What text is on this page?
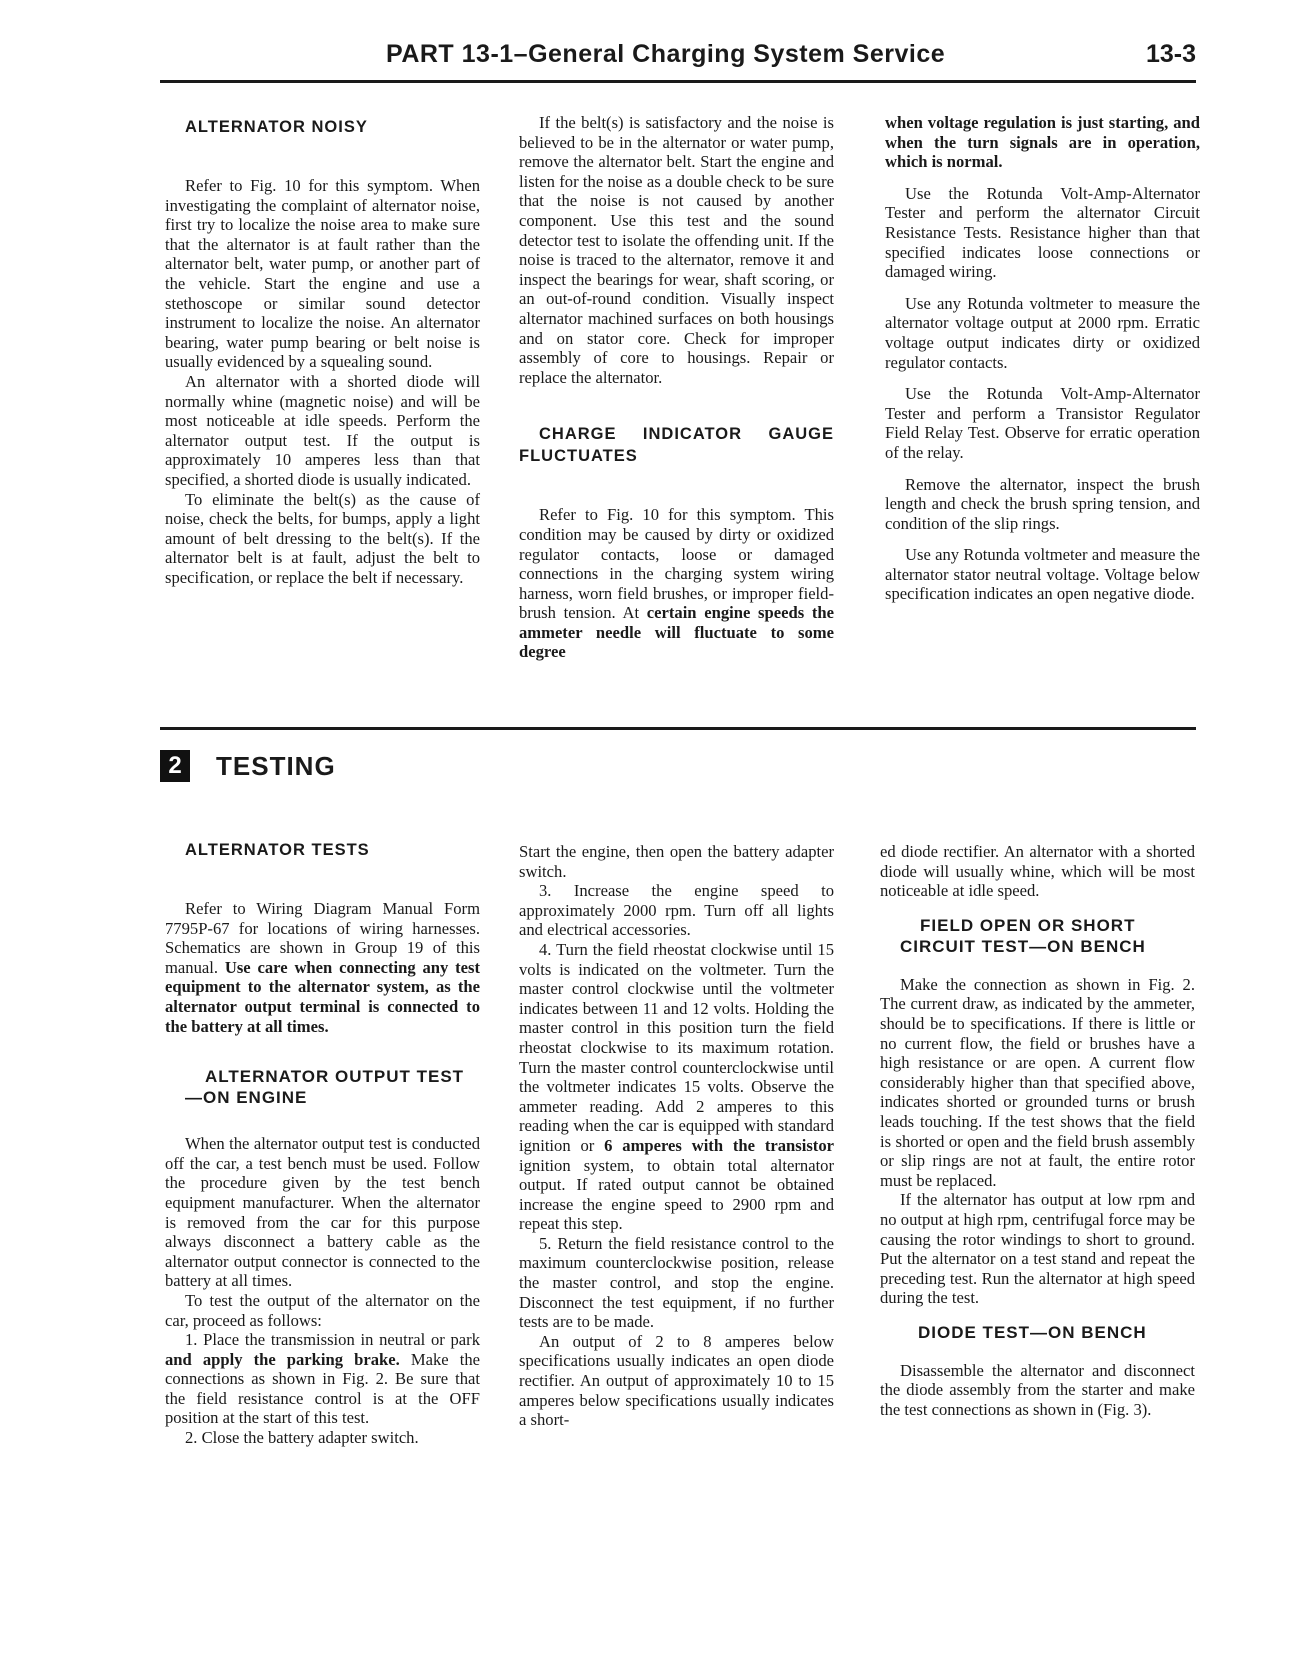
PART 13-1–General Charging System Service	13-3

ALTERNATOR NOISY

Refer to Fig. 10 for this symptom. When investigating the complaint of alternator noise, first try to localize the noise area to make sure that the alternator is at fault rather than the alternator belt, water pump, or another part of the vehicle. Start the engine and use a stethoscope or similar sound detector instrument to localize the noise. An alternator bearing, water pump bearing or belt noise is usually evidenced by a squealing sound.

An alternator with a shorted diode will normally whine (magnetic noise) and will be most noticeable at idle speeds. Perform the alternator output test. If the output is approximately 10 amperes less than that specified, a shorted diode is usually indicated.

To eliminate the belt(s) as the cause of noise, check the belts, for bumps, apply a light amount of belt dressing to the belt(s). If the alternator belt is at fault, adjust the belt to specification, or replace the belt if necessary.

If the belt(s) is satisfactory and the noise is believed to be in the alternator or water pump, remove the alternator belt. Start the engine and listen for the noise as a double check to be sure that the noise is not caused by another component. Use this test and the sound detector test to isolate the offending unit. If the noise is traced to the alternator, remove it and inspect the bearings for wear, shaft scoring, or an out-of-round condition. Visually inspect alternator machined surfaces on both housings and on stator core. Check for improper assembly of core to housings. Repair or replace the alternator.

CHARGE INDICATOR GAUGE FLUCTUATES

Refer to Fig. 10 for this symptom. This condition may be caused by dirty or oxidized regulator contacts, loose or damaged connections in the charging system wiring harness, worn field brushes, or improper field-brush tension. At certain engine speeds the ammeter needle will fluctuate to some degree

when voltage regulation is just starting, and when the turn signals are in operation, which is normal.

Use the Rotunda Volt-Amp-Alternator Tester and perform the alternator Circuit Resistance Tests. Resistance higher than that specified indicates loose connections or damaged wiring.

Use any Rotunda voltmeter to measure the alternator voltage output at 2000 rpm. Erratic voltage output indicates dirty or oxidized regulator contacts.

Use the Rotunda Volt-Amp-Alternator Tester and perform a Transistor Regulator Field Relay Test. Observe for erratic operation of the relay.

Remove the alternator, inspect the brush length and check the brush spring tension, and condition of the slip rings.

Use any Rotunda voltmeter and measure the alternator stator neutral voltage. Voltage below specification indicates an open negative diode.

2 TESTING

ALTERNATOR TESTS

Refer to Wiring Diagram Manual Form 7795P-67 for locations of wiring harnesses. Schematics are shown in Group 19 of this manual. Use care when connecting any test equipment to the alternator system, as the alternator output terminal is connected to the battery at all times.

ALTERNATOR OUTPUT TEST—ON ENGINE

When the alternator output test is conducted off the car, a test bench must be used. Follow the procedure given by the test bench equipment manufacturer. When the alternator is removed from the car for this purpose always disconnect a battery cable as the alternator output connector is connected to the battery at all times.

To test the output of the alternator on the car, proceed as follows:

1. Place the transmission in neutral or park and apply the parking brake. Make the connections as shown in Fig. 2. Be sure that the field resistance control is at the OFF position at the start of this test.

2. Close the battery adapter switch.

Start the engine, then open the battery adapter switch.

3. Increase the engine speed to approximately 2000 rpm. Turn off all lights and electrical accessories.

4. Turn the field rheostat clockwise until 15 volts is indicated on the voltmeter. Turn the master control clockwise until the voltmeter indicates between 11 and 12 volts. Holding the master control in this position turn the field rheostat clockwise to its maximum rotation. Turn the master control counterclockwise until the voltmeter indicates 15 volts. Observe the ammeter reading. Add 2 amperes to this reading when the car is equipped with standard ignition or 6 amperes with the transistor ignition system, to obtain total alternator output. If rated output cannot be obtained increase the engine speed to 2900 rpm and repeat this step.

5. Return the field resistance control to the maximum counterclockwise position, release the master control, and stop the engine. Disconnect the test equipment, if no further tests are to be made.

An output of 2 to 8 amperes below specifications usually indicates an open diode rectifier. An output of approximately 10 to 15 amperes below specifications usually indicates a short-

ed diode rectifier. An alternator with a shorted diode will usually whine, which will be most noticeable at idle speed.

FIELD OPEN OR SHORT CIRCUIT TEST—ON BENCH

Make the connection as shown in Fig. 2. The current draw, as indicated by the ammeter, should be to specifications. If there is little or no current flow, the field or brushes have a high resistance or are open. A current flow considerably higher than that specified above, indicates shorted or grounded turns or brush leads touching. If the test shows that the field is shorted or open and the field brush assembly or slip rings are not at fault, the entire rotor must be replaced.

If the alternator has output at low rpm and no output at high rpm, centrifugal force may be causing the rotor windings to short to ground. Put the alternator on a test stand and repeat the preceding test. Run the alternator at high speed during the test.

DIODE TEST—ON BENCH

Disassemble the alternator and disconnect the diode assembly from the starter and make the test connections as shown in (Fig. 3).
